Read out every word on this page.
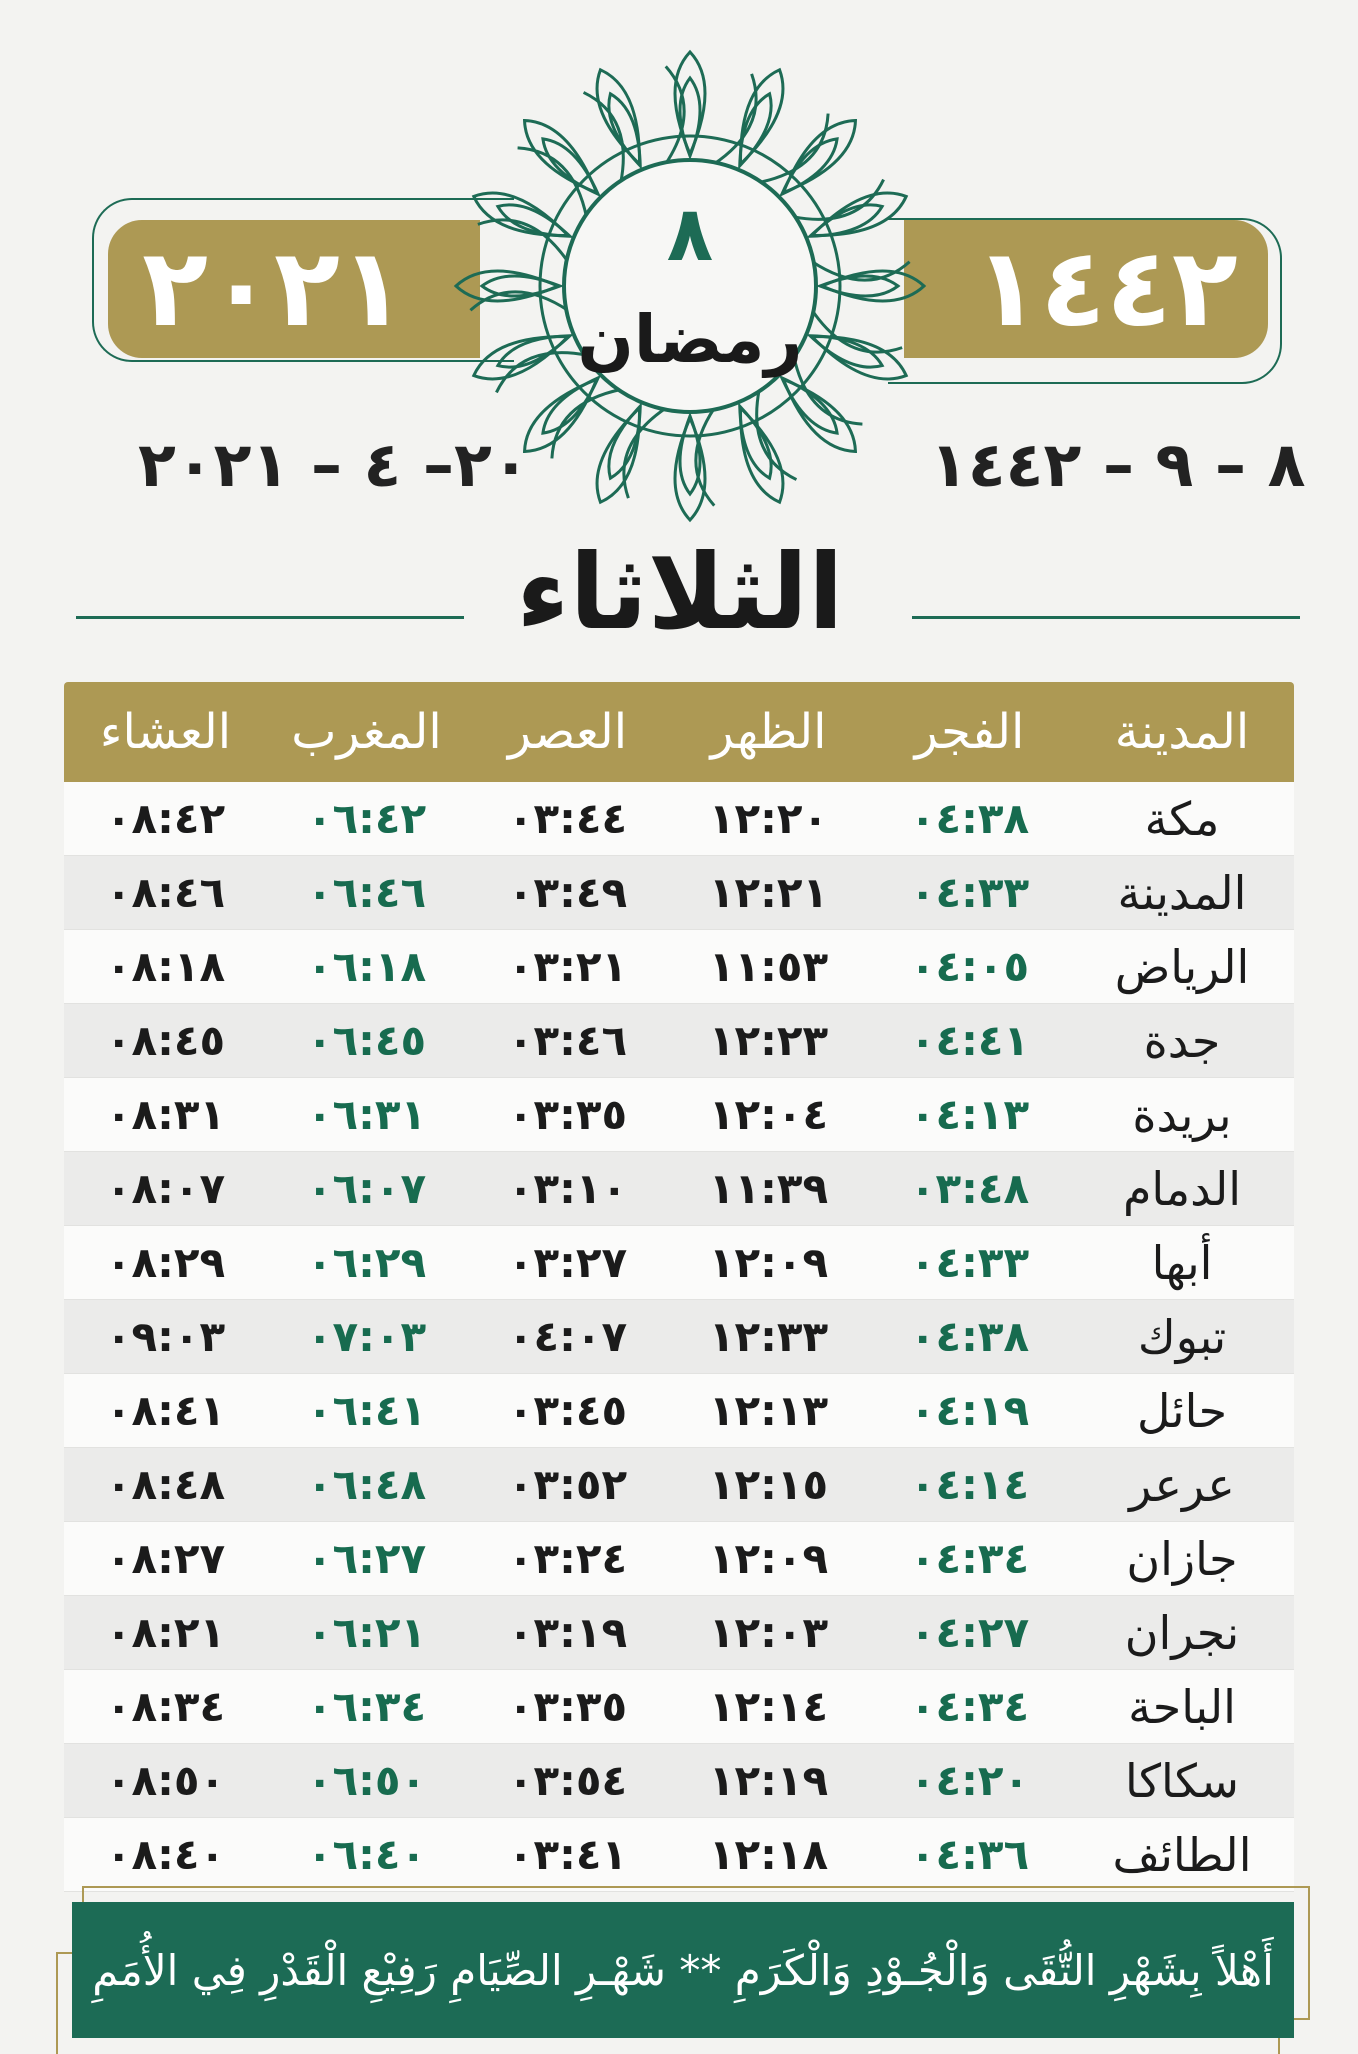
٢٠٢١	١٤٤٢
٨
رمضان
٢٠– ٤ – ٢٠٢١	٨ – ٩ – ١٤٤٢
الثلاثاء
المدينة
الفجر
الظهر
العصر
المغرب
العشاء
مكة
٠٤:٣٨
١٢:٢٠
٠٣:٤٤
٠٦:٤٢
٠٨:٤٢
المدينة
٠٤:٣٣
١٢:٢١
٠٣:٤٩
٠٦:٤٦
٠٨:٤٦
الرياض
٠٤:٠٥
١١:٥٣
٠٣:٢١
٠٦:١٨
٠٨:١٨
جدة
٠٤:٤١
١٢:٢٣
٠٣:٤٦
٠٦:٤٥
٠٨:٤٥
بريدة
٠٤:١٣
١٢:٠٤
٠٣:٣٥
٠٦:٣١
٠٨:٣١
الدمام
٠٣:٤٨
١١:٣٩
٠٣:١٠
٠٦:٠٧
٠٨:٠٧
أبها
٠٤:٣٣
١٢:٠٩
٠٣:٢٧
٠٦:٢٩
٠٨:٢٩
تبوك
٠٤:٣٨
١٢:٣٣
٠٤:٠٧
٠٧:٠٣
٠٩:٠٣
حائل
٠٤:١٩
١٢:١٣
٠٣:٤٥
٠٦:٤١
٠٨:٤١
عرعر
٠٤:١٤
١٢:١٥
٠٣:٥٢
٠٦:٤٨
٠٨:٤٨
جازان
٠٤:٣٤
١٢:٠٩
٠٣:٢٤
٠٦:٢٧
٠٨:٢٧
نجران
٠٤:٢٧
١٢:٠٣
٠٣:١٩
٠٦:٢١
٠٨:٢١
الباحة
٠٤:٣٤
١٢:١٤
٠٣:٣٥
٠٦:٣٤
٠٨:٣٤
سكاكا
٠٤:٢٠
١٢:١٩
٠٣:٥٤
٠٦:٥٠
٠٨:٥٠
الطائف
٠٤:٣٦
١٢:١٨
٠٣:٤١
٠٦:٤٠
٠٨:٤٠
أَهْلاً بِشَهْرِ التُّقَى وَالْجُـوْدِ وَالْكَرَمِ ** شَهْـرِ الصِّيَامِ رَفِيْعِ الْقَدْرِ فِي الأُمَمِ
